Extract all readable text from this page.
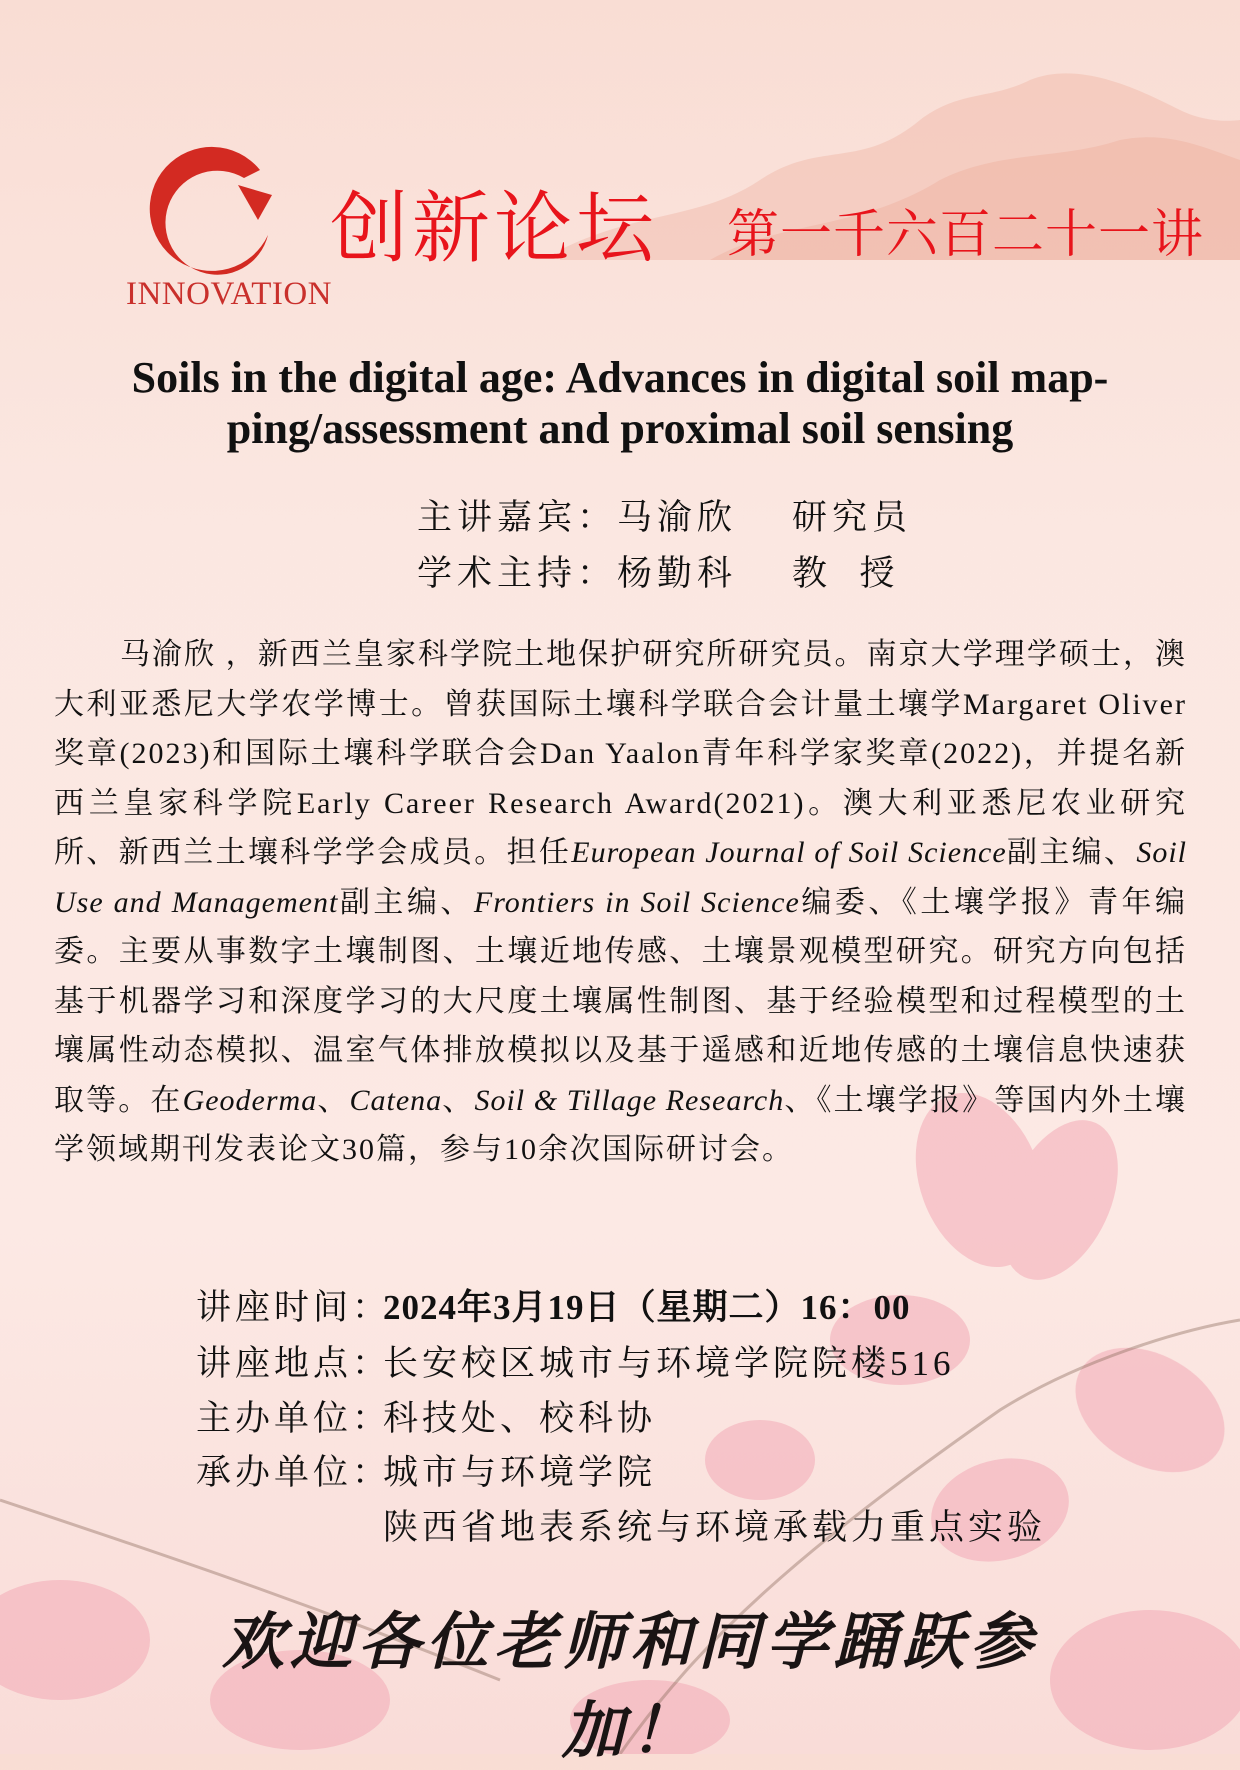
INNOVATION
创新论坛 第一千六百二十一讲
Soils in the digital age: Advances in digital soil map-
ping/assessment and proximal soil sensing
主讲嘉宾：马渝欣    研究员
学术主持：杨勤科    教  授
马渝欣 ，新西兰皇家科学院土地保护研究所研究员。南京大学理学硕士，澳大利亚悉尼大学农学博士。曾获国际土壤科学联合会计量土壤学Margaret Oliver奖章(2023)和国际土壤科学联合会Dan Yaalon青年科学家奖章(2022)，并提名新西兰皇家科学院Early Career Research Award(2021)。澳大利亚悉尼农业研究所、新西兰土壤科学学会成员。担任European Journal of Soil Science副主编、Soil Use and Management副主编、Frontiers in Soil Science编委、《土壤学报》青年编委。主要从事数字土壤制图、土壤近地传感、土壤景观模型研究。研究方向包括基于机器学习和深度学习的大尺度土壤属性制图、基于经验模型和过程模型的土壤属性动态模拟、温室气体排放模拟以及基于遥感和近地传感的土壤信息快速获取等。在Geoderma、Catena、Soil & Tillage Research、《土壤学报》等国内外土壤学领域期刊发表论文30篇，参与10余次国际研讨会。
讲座时间：2024年3月19日（星期二）16：00
讲座地点：长安校区城市与环境学院院楼516
主办单位：科技处、校科协
承办单位：城市与环境学院
陕西省地表系统与环境承载力重点实验
欢迎各位老师和同学踊跃参加！
